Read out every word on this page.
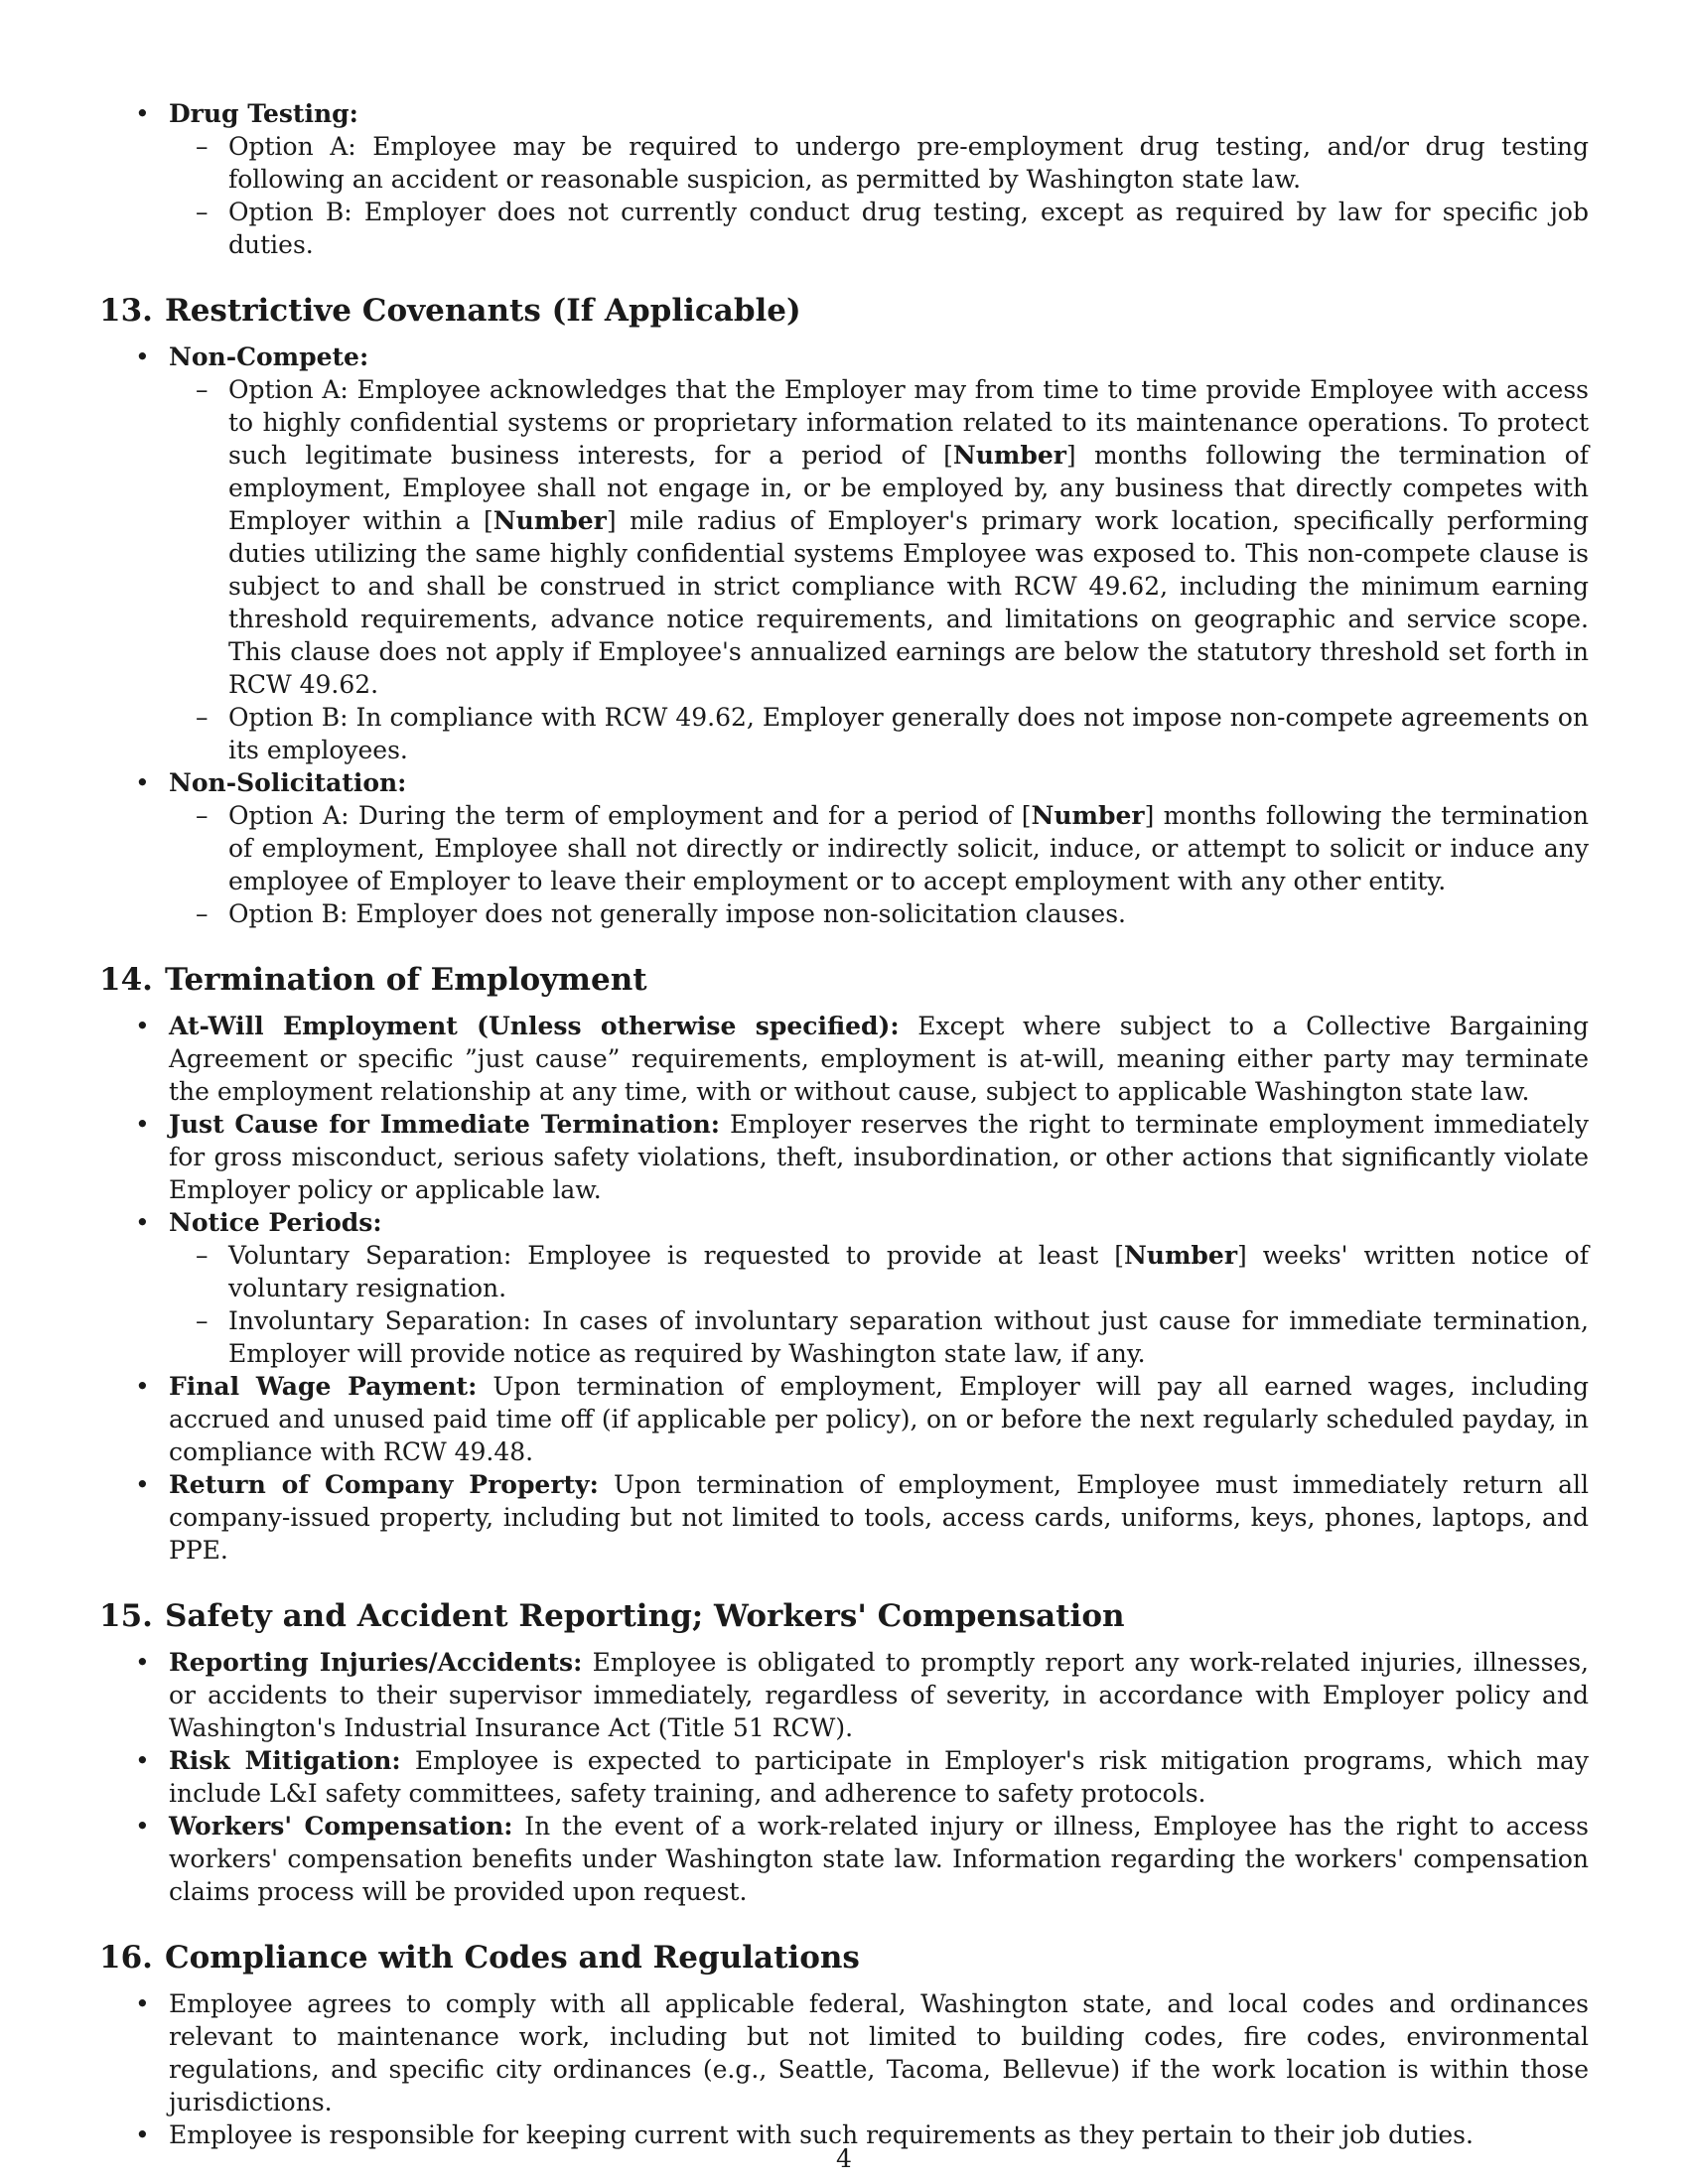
• Drug Testing:
– Option A: Employee may be required to undergo pre-employment drug testing, and/or drug testing following an accident or reasonable suspicion, as permitted by Washington state law.
– Option B: Employer does not currently conduct drug testing, except as required by law for specific job duties.
13. Restrictive Covenants (If Applicable)
• Non-Compete:
– Option A: Employee acknowledges that the Employer may from time to time provide Employee with access to highly confidential systems or proprietary information related to its maintenance operations. To protect such legitimate business interests, for a period of [Number] months following the termination of employment, Employee shall not engage in, or be employed by, any business that directly competes with Employer within a [Number] mile radius of Employer's primary work location, specifically performing duties utilizing the same highly confidential systems Employee was exposed to. This non-compete clause is subject to and shall be construed in strict compliance with RCW 49.62, including the minimum earning threshold requirements, advance notice requirements, and limitations on geographic and service scope. This clause does not apply if Employee's annualized earnings are below the statutory threshold set forth in RCW 49.62.
– Option B: In compliance with RCW 49.62, Employer generally does not impose non-compete agreements on its employees.
• Non-Solicitation:
– Option A: During the term of employment and for a period of [Number] months following the termination of employment, Employee shall not directly or indirectly solicit, induce, or attempt to solicit or induce any employee of Employer to leave their employment or to accept employment with any other entity.
– Option B: Employer does not generally impose non-solicitation clauses.
14. Termination of Employment
• At-Will Employment (Unless otherwise specified): Except where subject to a Collective Bargaining Agreement or specific ”just cause” requirements, employment is at-will, meaning either party may terminate the employment relationship at any time, with or without cause, subject to applicable Washington state law.
• Just Cause for Immediate Termination: Employer reserves the right to terminate employment immediately for gross misconduct, serious safety violations, theft, insubordination, or other actions that significantly violate Employer policy or applicable law.
• Notice Periods:
– Voluntary Separation: Employee is requested to provide at least [Number] weeks' written notice of voluntary resignation.
– Involuntary Separation: In cases of involuntary separation without just cause for immediate termination, Employer will provide notice as required by Washington state law, if any.
• Final Wage Payment: Upon termination of employment, Employer will pay all earned wages, including accrued and unused paid time off (if applicable per policy), on or before the next regularly scheduled payday, in compliance with RCW 49.48.
• Return of Company Property: Upon termination of employment, Employee must immediately return all company-issued property, including but not limited to tools, access cards, uniforms, keys, phones, laptops, and PPE.
15. Safety and Accident Reporting; Workers' Compensation
• Reporting Injuries/Accidents: Employee is obligated to promptly report any work-related injuries, illnesses, or accidents to their supervisor immediately, regardless of severity, in accordance with Employer policy and Washington's Industrial Insurance Act (Title 51 RCW).
• Risk Mitigation: Employee is expected to participate in Employer's risk mitigation programs, which may include L&I safety committees, safety training, and adherence to safety protocols.
• Workers' Compensation: In the event of a work-related injury or illness, Employee has the right to access workers' compensation benefits under Washington state law. Information regarding the workers' compensation claims process will be provided upon request.
16. Compliance with Codes and Regulations
• Employee agrees to comply with all applicable federal, Washington state, and local codes and ordinances relevant to maintenance work, including but not limited to building codes, fire codes, environmental regulations, and specific city ordinances (e.g., Seattle, Tacoma, Bellevue) if the work location is within those jurisdictions.
• Employee is responsible for keeping current with such requirements as they pertain to their job duties.
4
